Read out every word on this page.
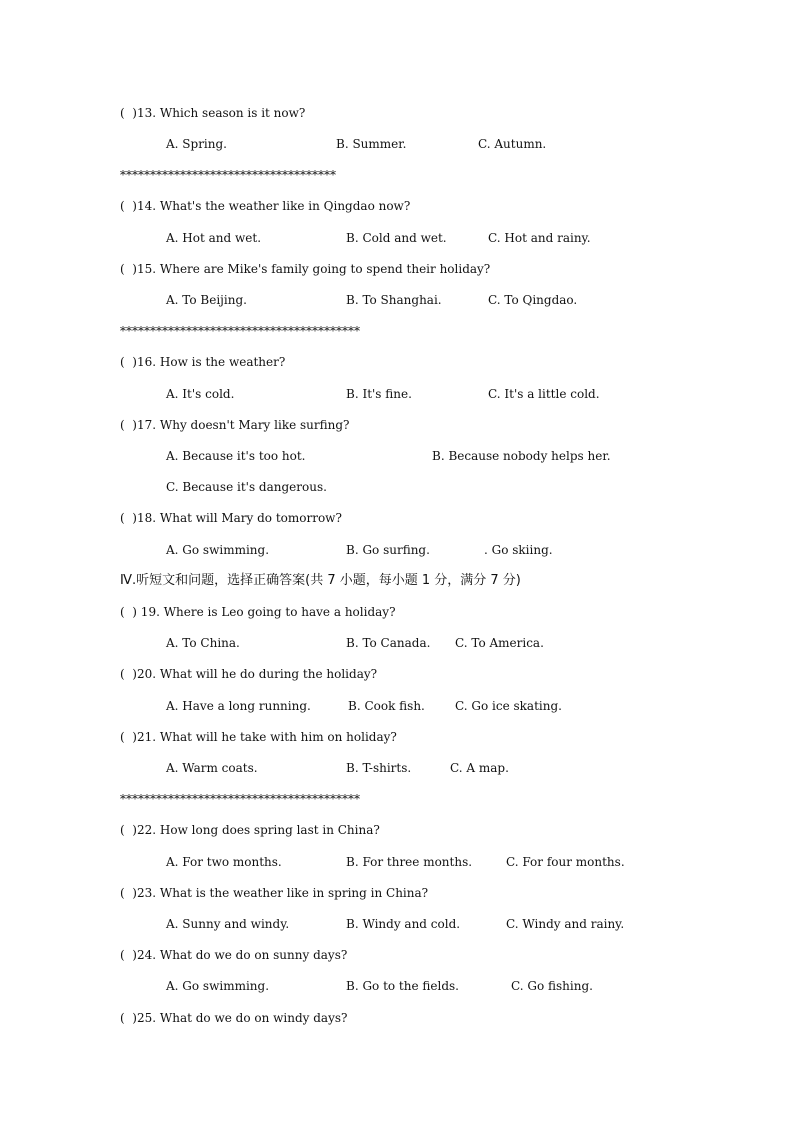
(  )13. Which season is it now?

A. Spring.

	B. Summer.

	C. Autumn.

************************************

(  )14. What's the weather like in Qingdao now?

A. Hot and wet.

	B. Cold and wet.

	C. Hot and rainy.

(  )15. Where are Mike's family going to spend their holiday?

A. To Beijing.

	B. To Shanghai.

	C. To Qingdao.

****************************************

(  )16. How is the weather?

A. It's cold.

	B. It's fine.

	C. It's a little cold.

(  )17. Why doesn't Mary like surfing?

A. Because it's too hot.

	B. Because nobody helps her.

C. Because it's dangerous.

(  )18. What will Mary do tomorrow?

A. Go swimming.

	B. Go surfing.

	. Go skiing.

Ⅳ.听短文和问题，选择正确答案(共 7 小题，每小题 1 分，满分 7 分)

(  ) 19. Where is Leo going to have a holiday?

A. To China.

	B. To Canada.

C. To America.

(  )20. What will he do during the holiday?

A. Have a long running.

	B. Cook fish.

	C. Go ice skating.

(  )21. What will he take with him on holiday?

A. Warm coats.

	B. T-shirts.

	C. A map.

****************************************

(  )22. How long does spring last in China?

A. For two months.

	B. For three months.

	C. For four months.

(  )23. What is the weather like in spring in China?

A. Sunny and windy.

	B. Windy and cold.

	C. Windy and rainy.

(  )24. What do we do on sunny days?

A. Go swimming.

	B. Go to the fields.

	C. Go fishing.

(  )25. What do we do on windy days?
